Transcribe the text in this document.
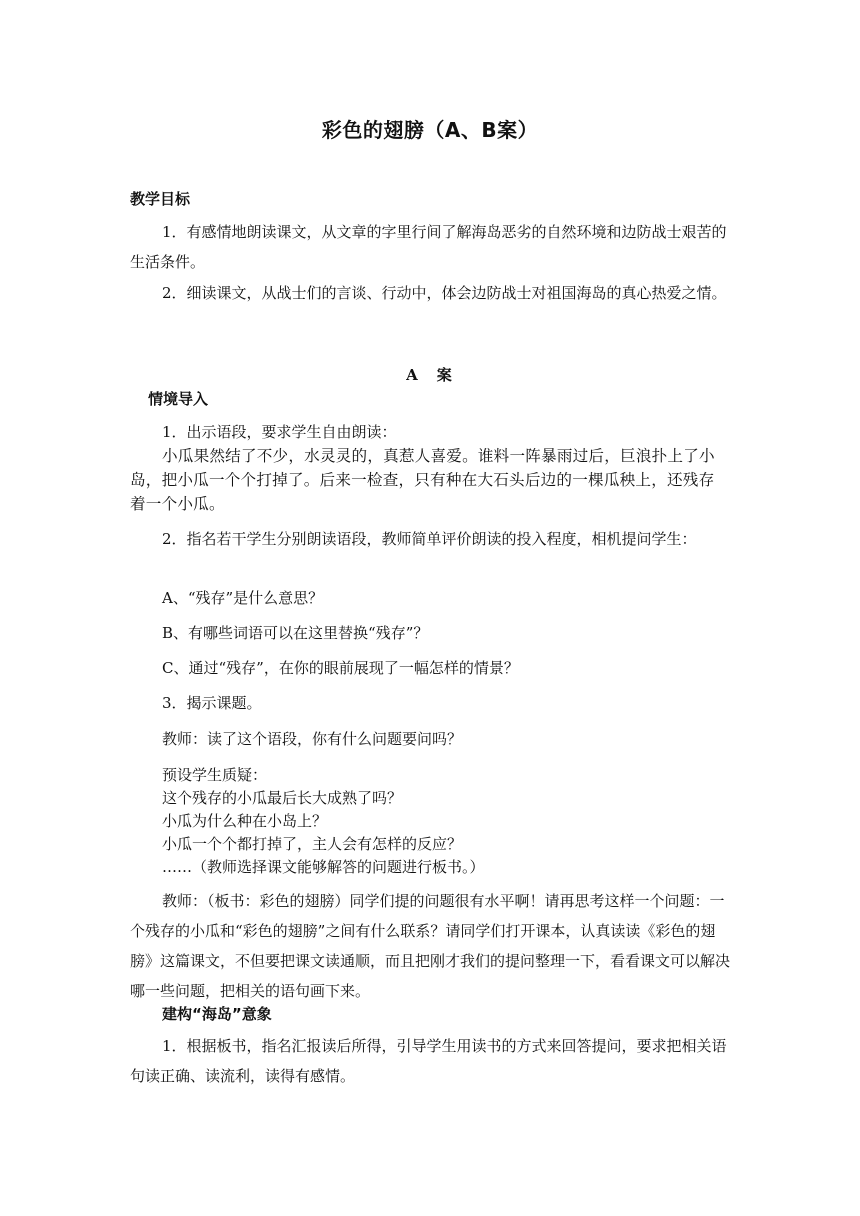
彩色的翅膀（A、B案）
教学目标

1．有感情地朗读课文，从文章的字里行间了解海岛恶劣的自然环境和边防战士艰苦的生活条件。

2．细读课文，从战士们的言谈、行动中，体会边防战士对祖国海岛的真心热爱之情。

A　案
情境导入

1．出示语段，要求学生自由朗读：

小瓜果然结了不少，水灵灵的，真惹人喜爱。谁料一阵暴雨过后，巨浪扑上了小岛，把小瓜一个个打掉了。后来一检查，只有种在大石头后边的一棵瓜秧上，还残存着一个小瓜。

2．指名若干学生分别朗读语段，教师简单评价朗读的投入程度，相机提问学生：

A、“残存”是什么意思？

B、有哪些词语可以在这里替换“残存”？

C、通过“残存”，在你的眼前展现了一幅怎样的情景？

3．揭示课题。

教师：读了这个语段，你有什么问题要问吗？

预设学生质疑：

这个残存的小瓜最后长大成熟了吗？

小瓜为什么种在小岛上？

小瓜一个个都打掉了，主人会有怎样的反应？

……（教师选择课文能够解答的问题进行板书。）

教师：（板书：彩色的翅膀）同学们提的问题很有水平啊！请再思考这样一个问题：一个残存的小瓜和“彩色的翅膀”之间有什么联系？请同学们打开课本，认真读读《彩色的翅膀》这篇课文，不但要把课文读通顺，而且把刚才我们的提问整理一下，看看课文可以解决哪一些问题，把相关的语句画下来。

建构“海岛”意象

1．根据板书，指名汇报读后所得，引导学生用读书的方式来回答提问，要求把相关语句读正确、读流利，读得有感情。
